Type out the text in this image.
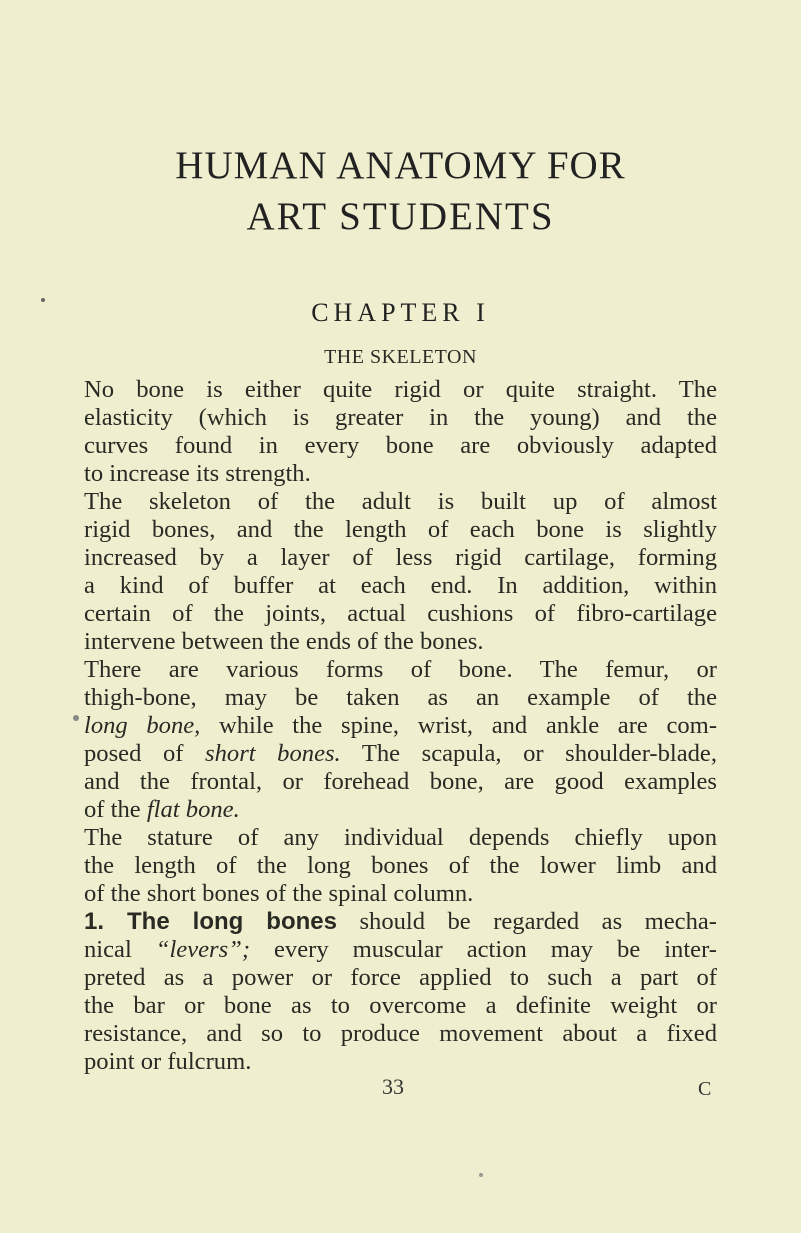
HUMAN ANATOMY FOR
ART STUDENTS
CHAPTER I
THE SKELETON
No bone is either quite rigid or quite straight. The
elasticity (which is greater in the young) and the
curves found in every bone are obviously adapted
to increase its strength.
The skeleton of the adult is built up of almost
rigid bones, and the length of each bone is slightly
increased by a layer of less rigid cartilage, forming
a kind of buffer at each end. In addition, within
certain of the joints, actual cushions of fibro-cartilage
intervene between the ends of the bones.
There are various forms of bone. The femur, or
thigh-bone, may be taken as an example of the
long bone, while the spine, wrist, and ankle are com-
posed of short bones. The scapula, or shoulder-blade,
and the frontal, or forehead bone, are good examples
of the flat bone.
The stature of any individual depends chiefly upon
the length of the long bones of the lower limb and
of the short bones of the spinal column.
1. The long bones should be regarded as mecha-
nical “levers”; every muscular action may be inter-
preted as a power or force applied to such a part of
the bar or bone as to overcome a definite weight or
resistance, and so to produce movement about a fixed
point or fulcrum.
33	C
